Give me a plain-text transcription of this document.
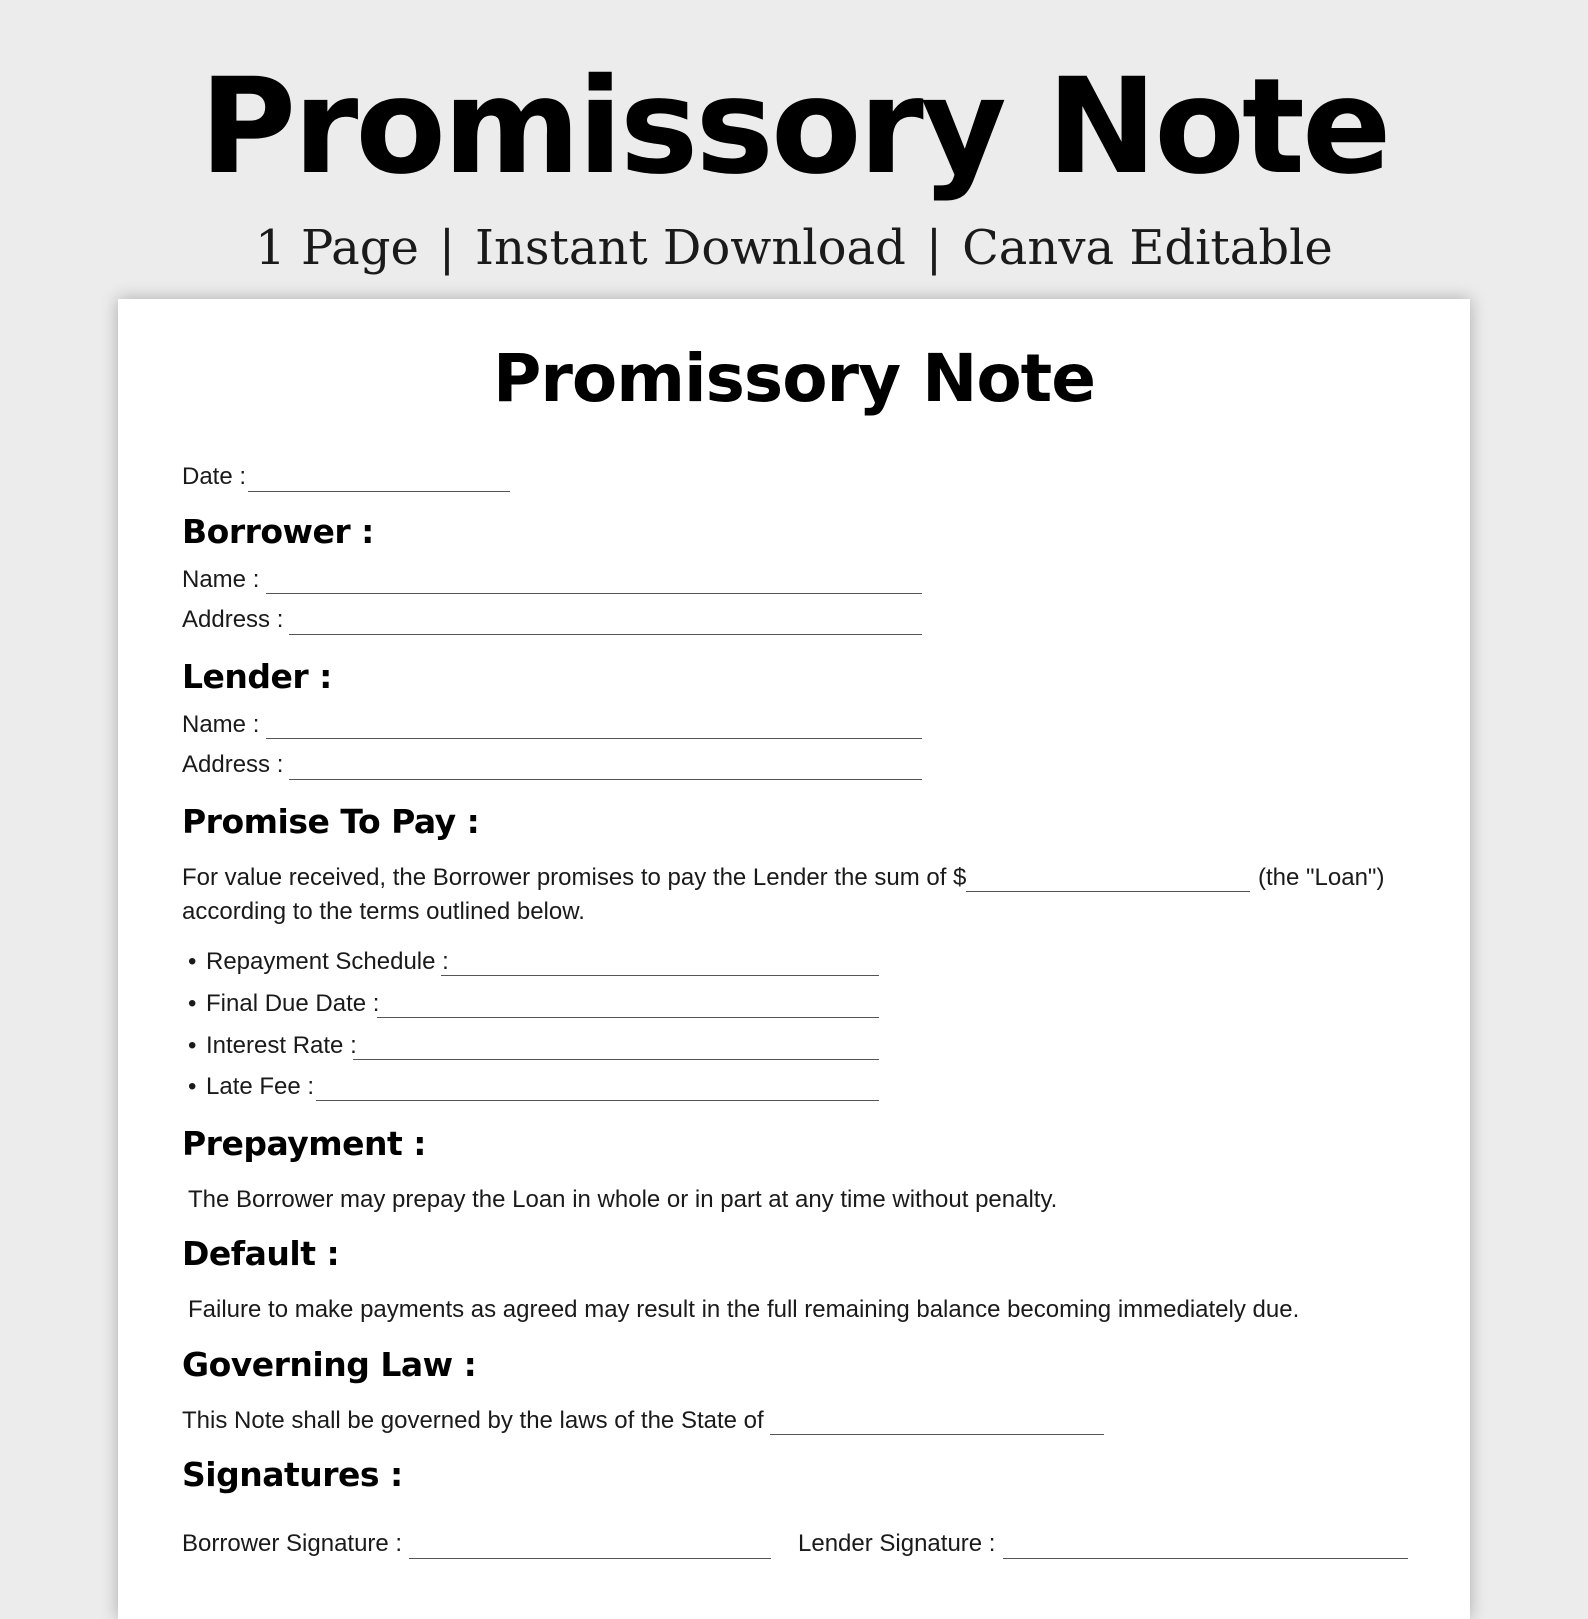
Promissory Note
1 Page | Instant Download | Canva Editable
Promissory Note
Date :
Borrower :
Name :
Address :
Lender :
Name :
Address :
Promise To Pay :
For value received, the Borrower promises to pay the Lender the sum of $	(the "Loan")
according to the terms outlined below.
• Repayment Schedule :
• Final Due Date :
• Interest Rate :
• Late Fee :
Prepayment :
The Borrower may prepay the Loan in whole or in part at any time without penalty.
Default :
Failure to make payments as agreed may result in the full remaining balance becoming immediately due.
Governing Law :
This Note shall be governed by the laws of the State of
Signatures :
Borrower Signature :	Lender Signature :
